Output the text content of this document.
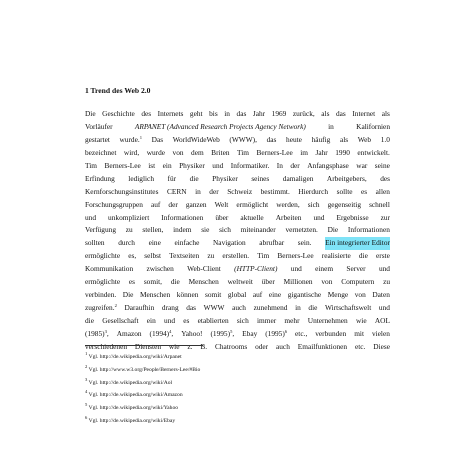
1 Trend des Web 2.0
Die Geschichte des Internets geht bis in das Jahr 1969 zurück, als das Internet als
Vorläufer	ARPANET (Advanced Research Projects Agency Network)	in	Kalifornien
gestartet wurde.$^1$ Das WorldWideWeb (WWW), das heute häufig als Web 1.0
bezeichnet wird, wurde von dem Briten Tim Berners-Lee im Jahr 1990 entwickelt.
Tim Berners-Lee ist ein Physiker und Informatiker. In der Anfangsphase war seine
Erfindung lediglich für die Physiker seines damaligen Arbeitgebers, des
Kernforschungsinstitutes CERN in der Schweiz bestimmt. Hierdurch sollte es allen
Forschungsgruppen auf der ganzen Welt ermöglicht werden, sich gegenseitig schnell
und unkompliziert Informationen über aktuelle Arbeiten und Ergebnisse zur
Verfügung zu stellen, indem sie sich miteinander vernetzten. Die Informationen
sollten durch eine einfache Navigation abrufbar sein. Ein integrierter Editor
ermöglichte es, selbst Textseiten zu erstellen. Tim Berners-Lee realisierte die erste
Kommunikation zwischen Web-Client (HTTP-Client) und einem Server und
ermöglichte es somit, die Menschen weltweit über Millionen von Computern zu
verbinden. Die Menschen können somit global auf eine gigantische Menge von Daten
zugreifen.$^2$ Daraufhin drang das WWW auch zunehmend in die Wirtschaftswelt und
die Gesellschaft ein und es etablierten sich immer mehr Unternehmen wie AOL
$(1985)^3$, Amazon $(1994)^4$, Yahoo! $(1995)^5$, Ebay $(1995)^6$ etc., verbunden mit vielen
verschiedenen Diensten wie z. B. Chatrooms oder auch Emailfunktionen etc. Diese
$^1$ Vgl. http://de.wikipedia.org/wiki/Arpanet
$^2$ Vgl. http://www.w3.org/People/Berners-Lee/#Bio
$^3$ Vgl. http://de.wikipedia.org/wiki/Aol
$^4$ Vgl. http://de.wikipedia.org/wiki/Amazon
$^5$ Vgl. http://de.wikipedia.org/wiki/Yahoo
$^6$ Vgl. http://de.wikipedia.org/wiki/Ebay
